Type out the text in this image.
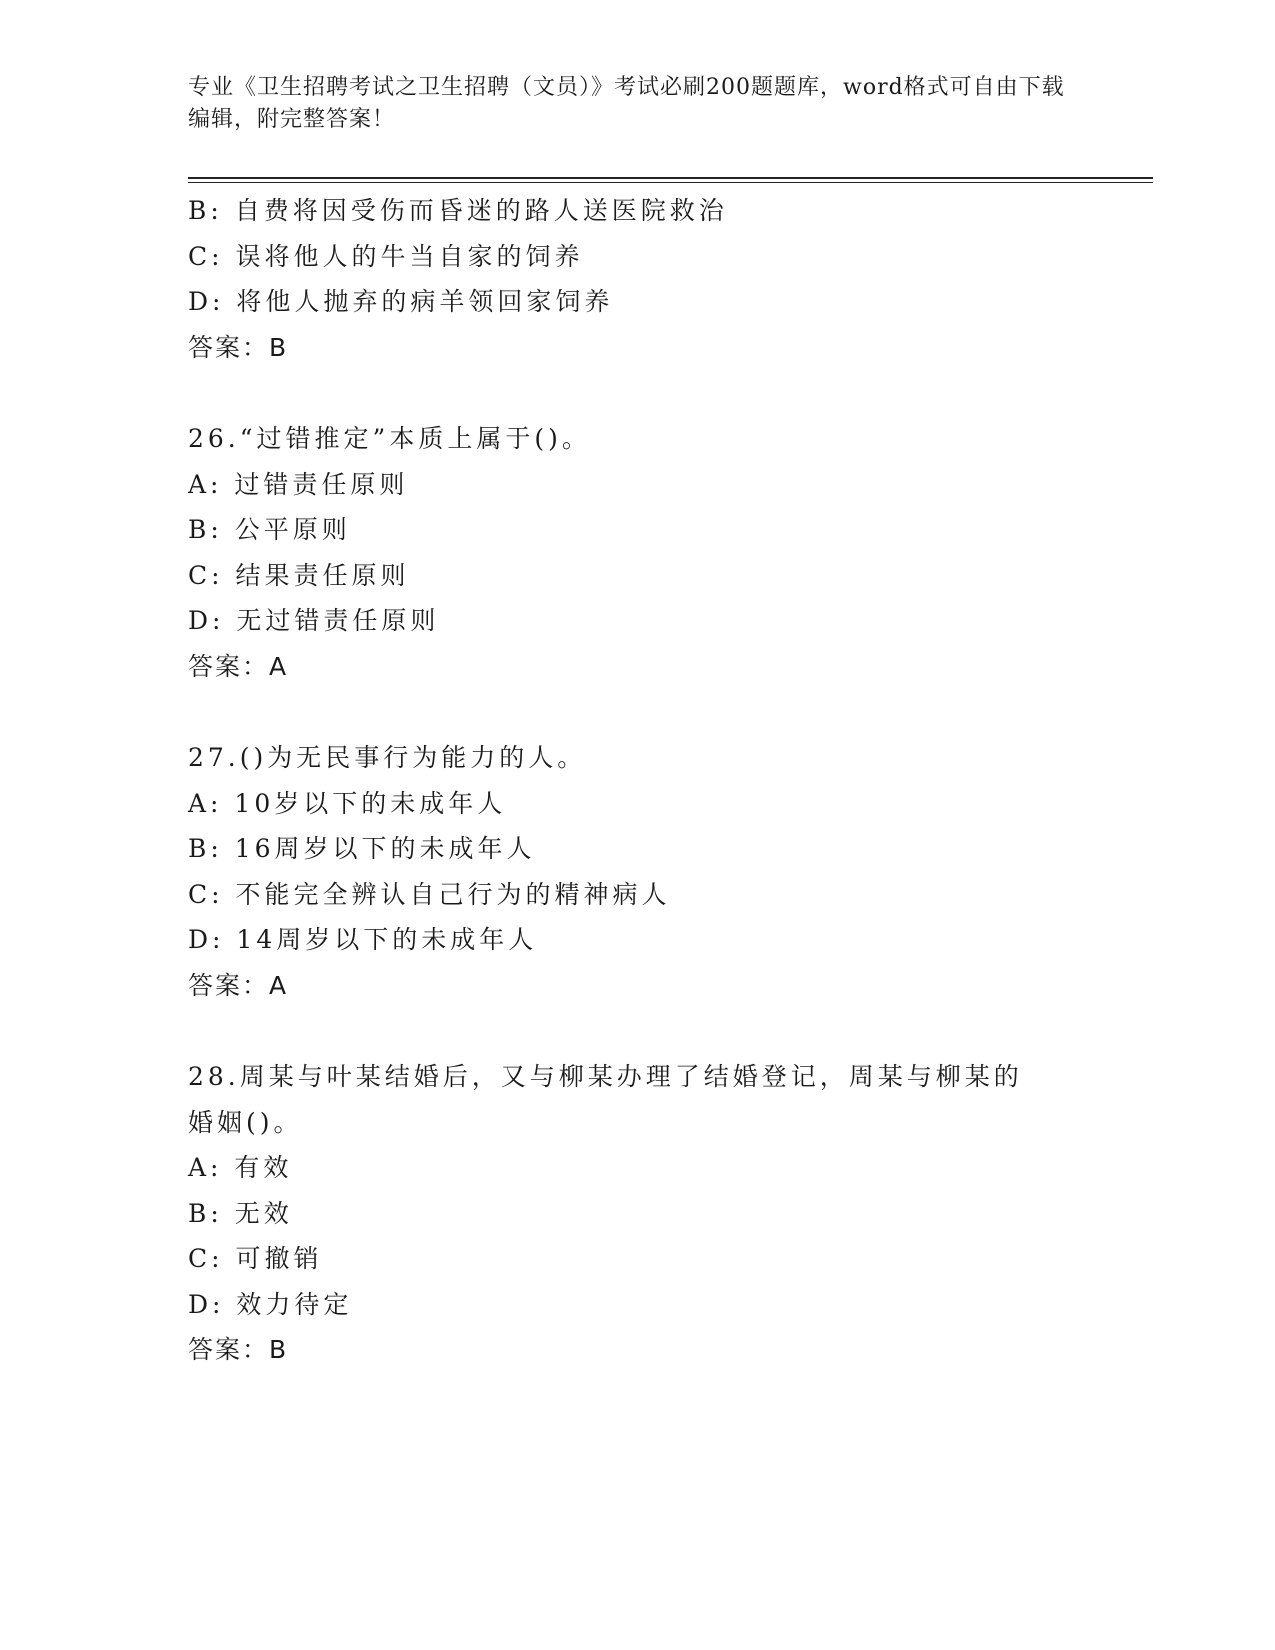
专业《卫生招聘考试之卫生招聘（文员）》考试必刷200题题库，word格式可自由下载编辑，附完整答案！
B: 自费将因受伤而昏迷的路人送医院救治
C: 误将他人的牛当自家的饲养
D: 将他人抛弃的病羊领回家饲养
答案：B
26.“过错推定”本质上属于()。
A: 过错责任原则
B: 公平原则
C: 结果责任原则
D: 无过错责任原则
答案：A
27.()为无民事行为能力的人。
A: 10岁以下的未成年人
B: 16周岁以下的未成年人
C: 不能完全辨认自己行为的精神病人
D: 14周岁以下的未成年人
答案：A
28.周某与叶某结婚后，又与柳某办理了结婚登记，周某与柳某的婚姻()。
A: 有效
B: 无效
C: 可撤销
D: 效力待定
答案：B
